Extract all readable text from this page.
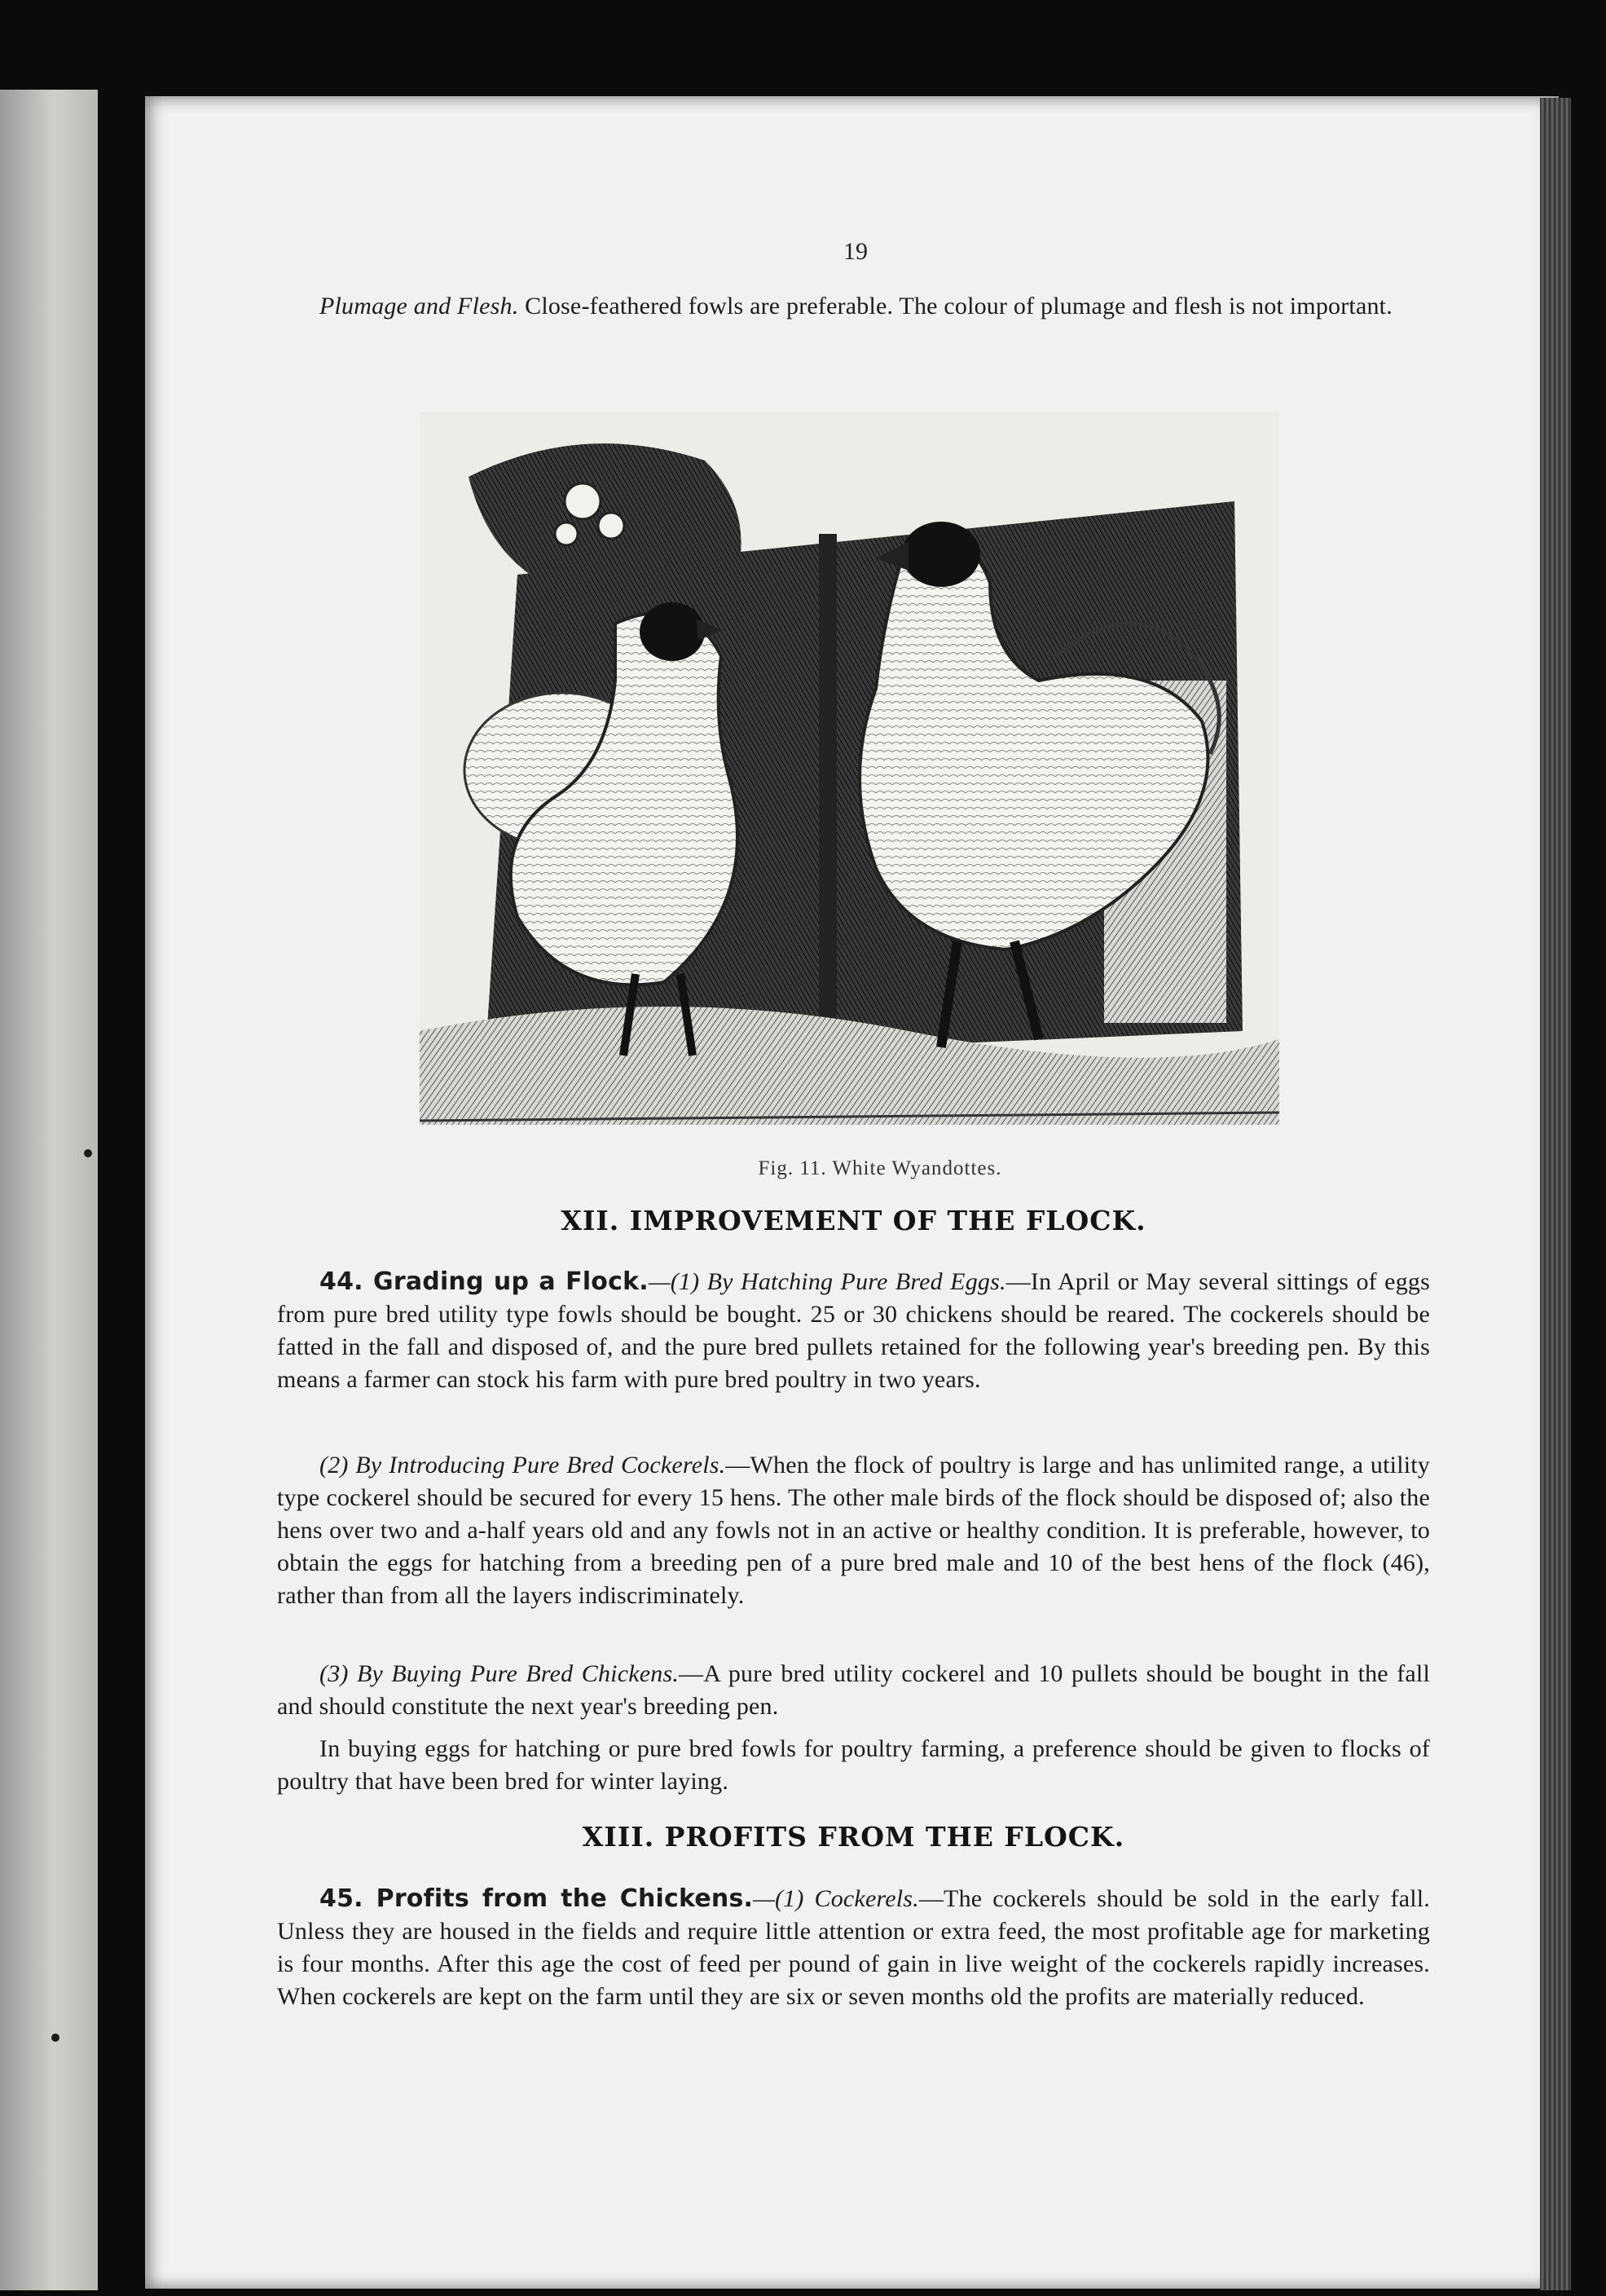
19

Plumage and Flesh. Close-feathered fowls are preferable. The colour of plumage and flesh is not important.

Fig. 11. White Wyandottes.
XII. IMPROVEMENT OF THE FLOCK.

44. Grading up a Flock.—(1) By Hatching Pure Bred Eggs.—In April or May several sittings of eggs from pure bred utility type fowls should be bought. 25 or 30 chickens should be reared. The cockerels should be fatted in the fall and disposed of, and the pure bred pullets retained for the following year's breeding pen. By this means a farmer can stock his farm with pure bred poultry in two years.

(2) By Introducing Pure Bred Cockerels.—When the flock of poultry is large and has unlimited range, a utility type cockerel should be secured for every 15 hens. The other male birds of the flock should be disposed of; also the hens over two and a-half years old and any fowls not in an active or healthy condition. It is preferable, however, to obtain the eggs for hatching from a breeding pen of a pure bred male and 10 of the best hens of the flock (46), rather than from all the layers indiscriminately.

(3) By Buying Pure Bred Chickens.—A pure bred utility cockerel and 10 pullets should be bought in the fall and should constitute the next year's breeding pen.

In buying eggs for hatching or pure bred fowls for poultry farming, a preference should be given to flocks of poultry that have been bred for winter laying.

XIII. PROFITS FROM THE FLOCK.

45. Profits from the Chickens.—(1) Cockerels.—The cockerels should be sold in the early fall. Unless they are housed in the fields and require little attention or extra feed, the most profitable age for marketing is four months. After this age the cost of feed per pound of gain in live weight of the cockerels rapidly increases. When cockerels are kept on the farm until they are six or seven months old the profits are materially reduced.
